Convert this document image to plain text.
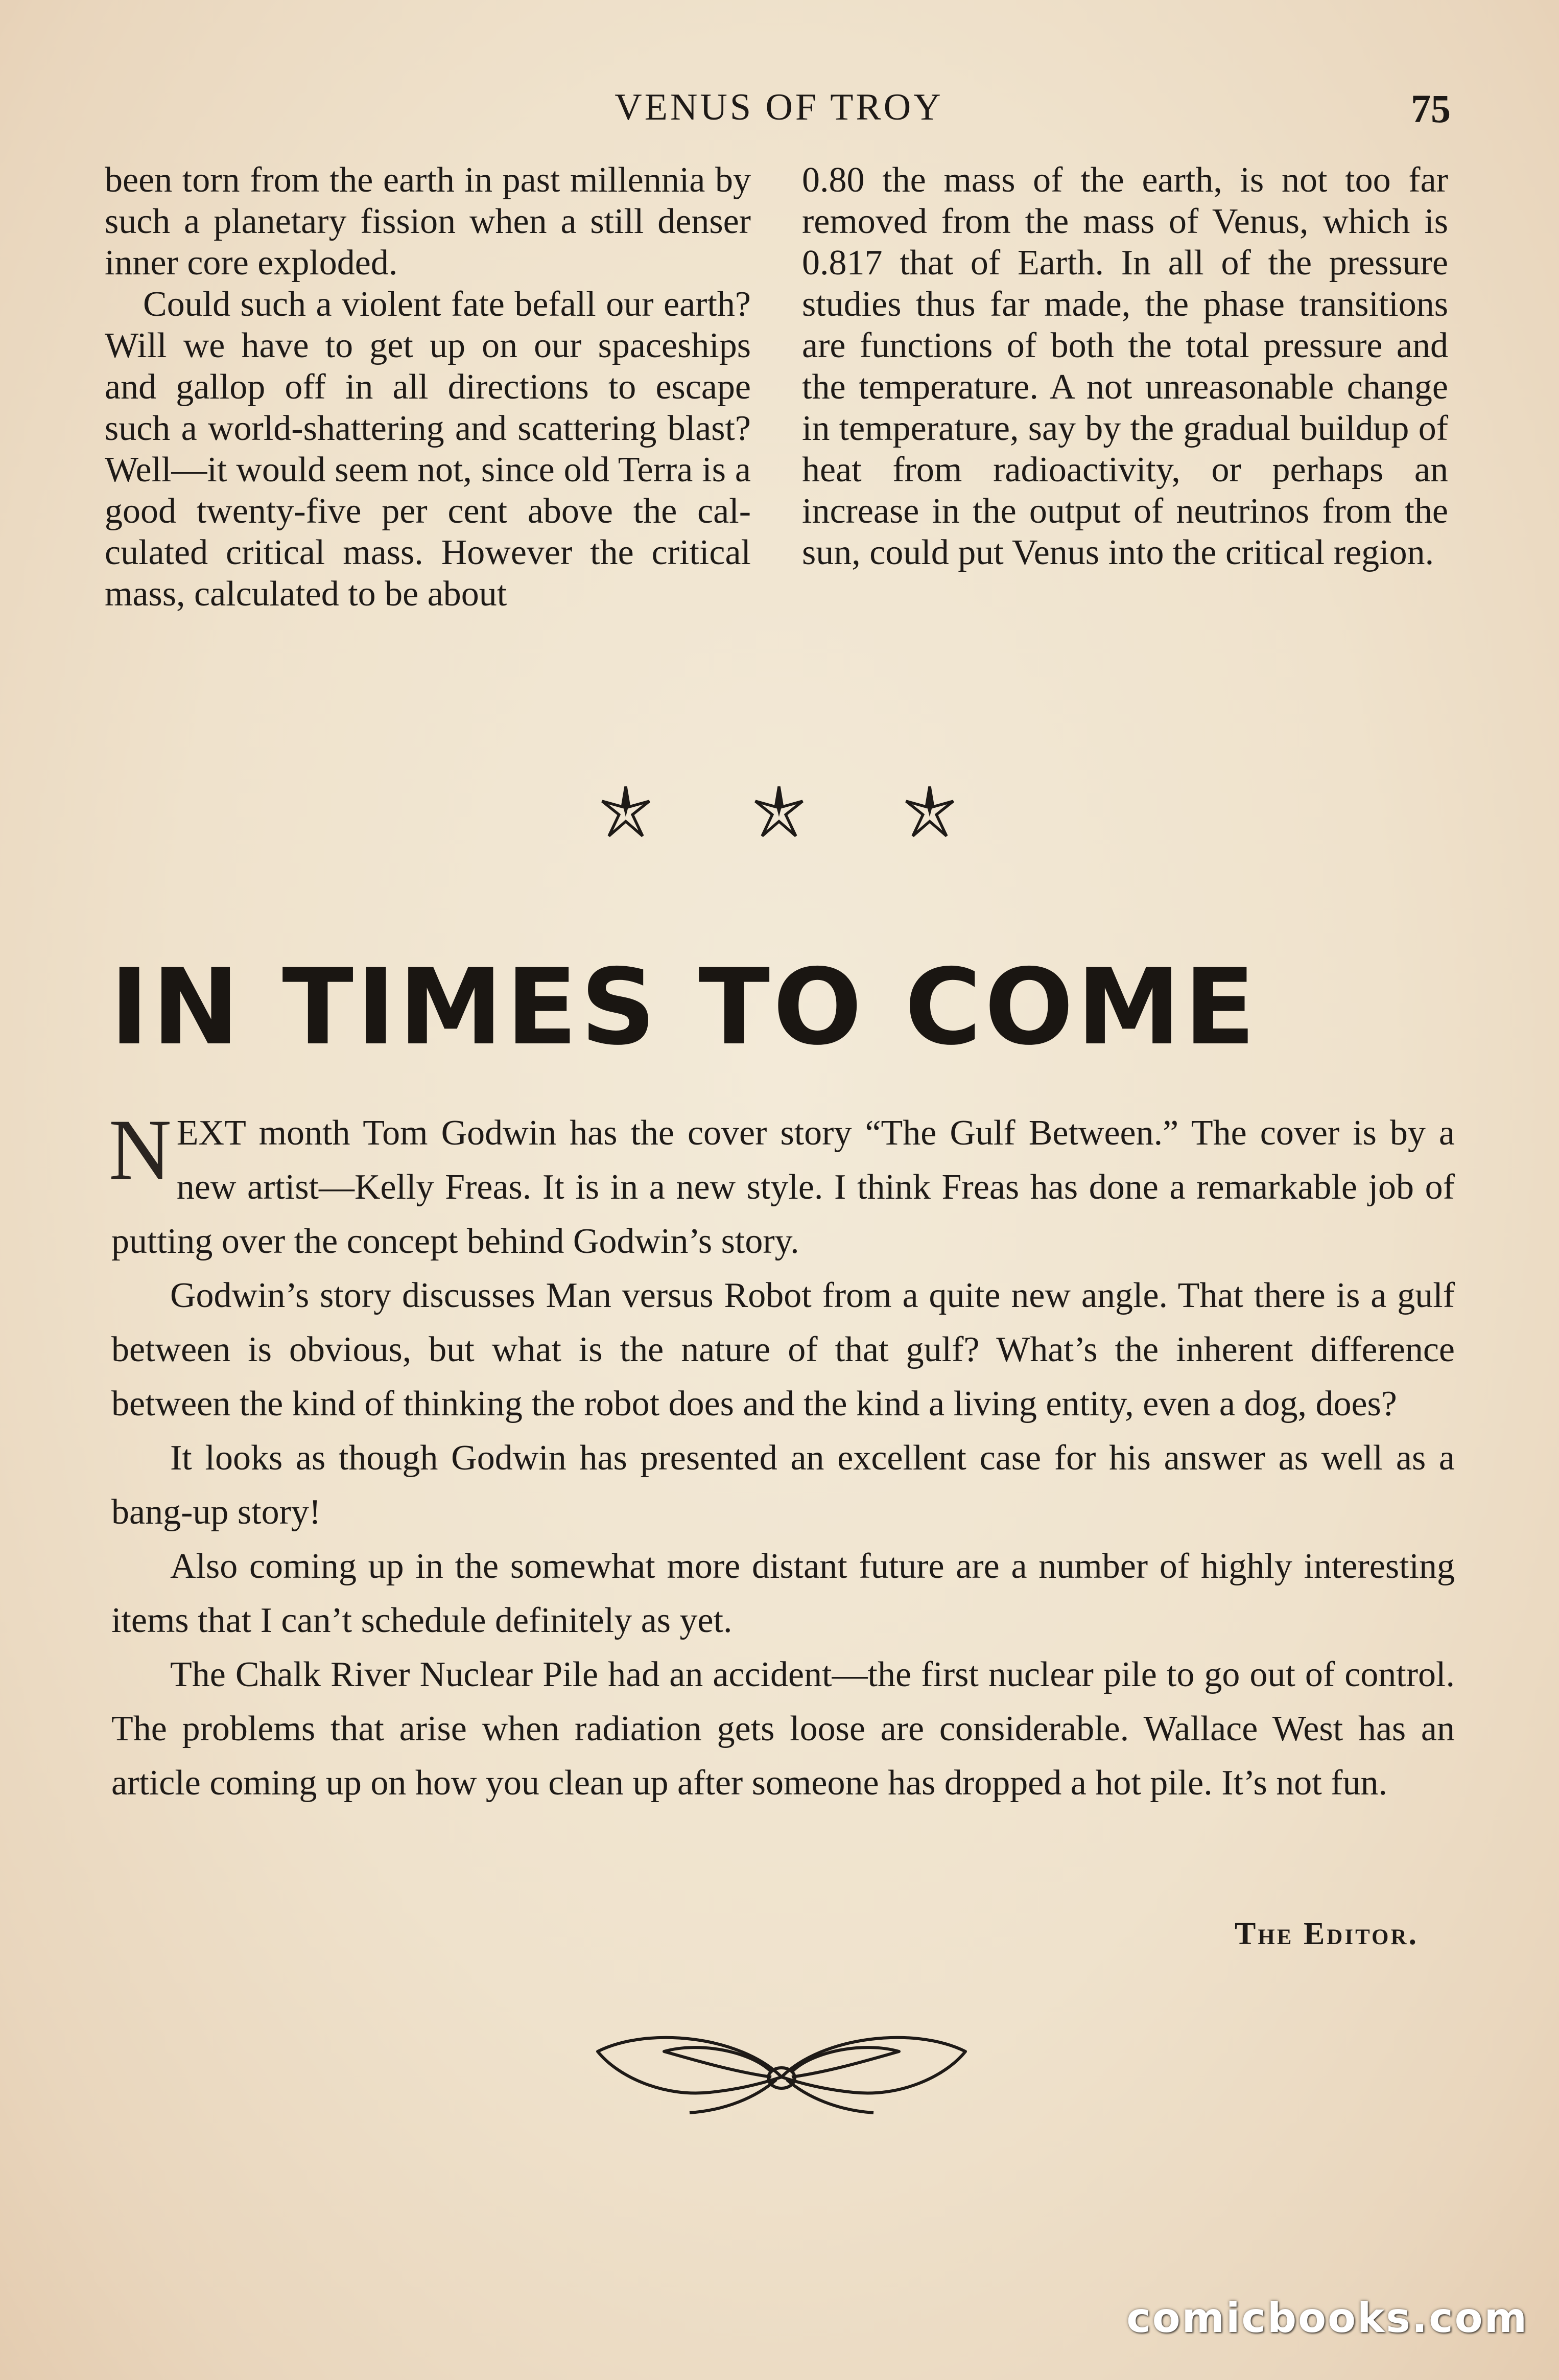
VENUS OF TROY	75

been torn from the earth in past millennia by such a planetary fission when a still denser inner core exploded.

Could such a violent fate befall our earth? Will we have to get up on our spaceships and gallop off in all directions to escape such a world-shattering and scattering blast? Well—it would seem not, since old Terra is a good twenty-five per cent above the calculated critical mass. However the critical mass, calculated to be about

0.80 the mass of the earth, is not too far removed from the mass of Venus, which is 0.817 that of Earth. In all of the pressure studies thus far made, the phase transitions are functions of both the total pressure and the temperature. A not unreasonable change in temperature, say by the gradual buildup of heat from radioactivity, or perhaps an increase in the output of neutrinos from the sun, could put Venus into the critical region.

IN TIMES TO COME

NEXT month Tom Godwin has the cover story “The Gulf Between.” The cover is by a new artist—Kelly Freas. It is in a new style. I think Freas has done a remarkable job of putting over the concept behind Godwin’s story.

Godwin’s story discusses Man versus Robot from a quite new angle. That there is a gulf between is obvious, but what is the nature of that gulf? What’s the inherent difference between the kind of thinking the robot does and the kind a living entity, even a dog, does?

It looks as though Godwin has presented an excellent case for his answer as well as a bang-up story!

Also coming up in the somewhat more distant future are a number of highly interesting items that I can’t schedule definitely as yet.

The Chalk River Nuclear Pile had an accident—the first nuclear pile to go out of control. The problems that arise when radiation gets loose are considerable. Wallace West has an article coming up on how you clean up after someone has dropped a hot pile. It’s not fun.

The Editor.
comicbooks.com
